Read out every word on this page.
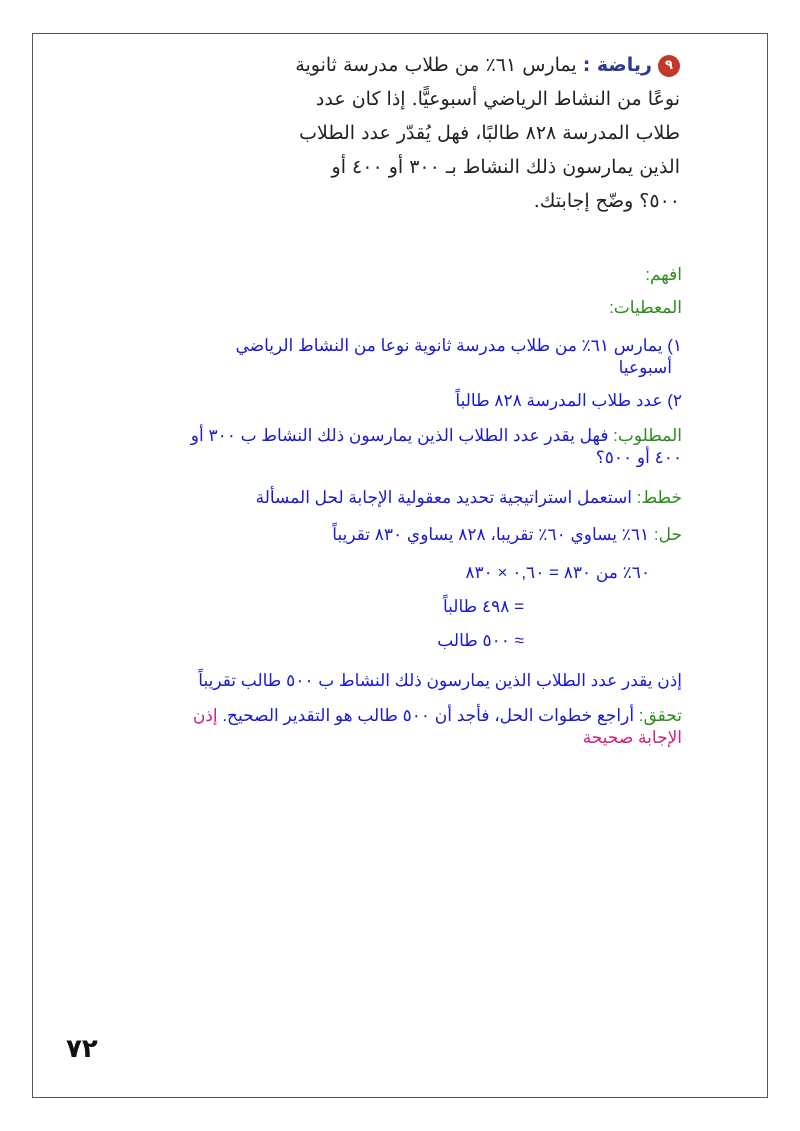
٩رياضة : يمارس ٦١٪ من طلاب مدرسة ثانوية
نوعًا من النشاط الرياضي أسبوعيًّا. إذا كان عدد
طلاب المدرسة ٨٢٨ طالبًا، فهل يُقدّر عدد الطلاب
الذين يمارسون ذلك النشاط بـ ٣٠٠ أو ٤٠٠ أو
٥٠٠؟ وضّح إجابتك.
افهم:
المعطيات:
١) يمارس ٦١٪ من طلاب مدرسة ثانوية نوعا من النشاط الرياضي
أسبوعيا
٢) عدد طلاب المدرسة ٨٢٨ طالباً
المطلوب: فهل يقدر عدد الطلاب الذين يمارسون ذلك النشاط ب ٣٠٠ أو
٤٠٠ أو ٥٠٠؟
خطط: استعمل استراتيجية تحديد معقولية الإجابة لحل المسألة
حل: ٦١٪ يساوي ٦٠٪ تقريبا، ٨٢٨ يساوي ٨٣٠ تقريباً
٦٠٪ من ٨٣٠ = ٠,٦٠ × ٨٣٠
= ٤٩٨ طالباً
≈ ٥٠٠ طالب
إذن يقدر عدد الطلاب الذين يمارسون ذلك النشاط ب ٥٠٠ طالب تقريباً
تحقق: أراجع خطوات الحل، فأجد أن ٥٠٠ طالب هو التقدير الصحيح. إذن
الإجابة صحيحة
٧٢
